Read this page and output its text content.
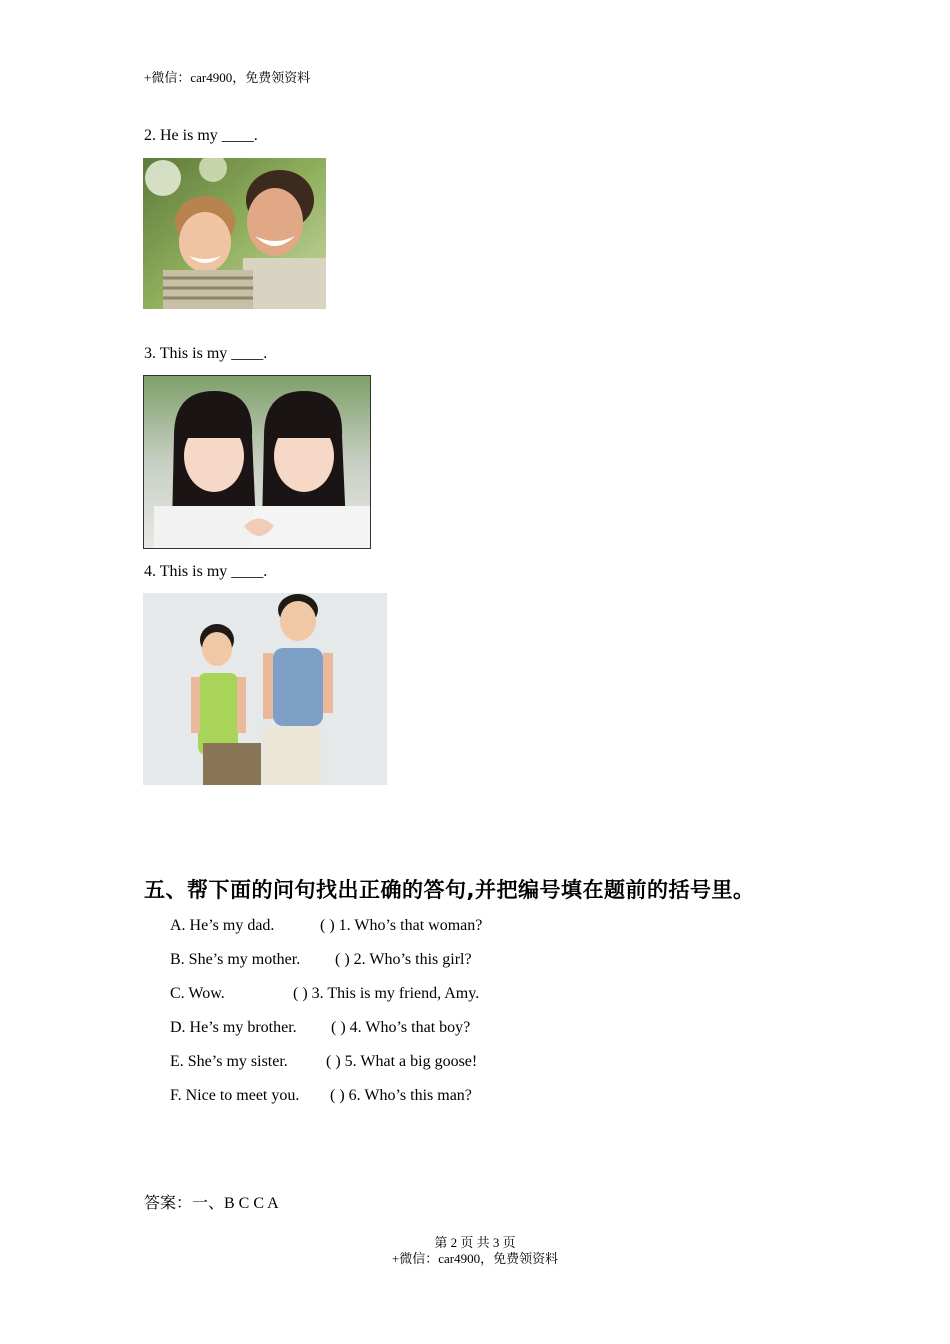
+微信：car4900，免费领资料
2. He is my ____.
3. This is my ____.
4. This is my ____.
五、帮下面的问句找出正确的答句,并把编号填在题前的括号里。
A. He’s my dad.	( ) 1. Who’s that woman?
B. She’s my mother. ( ) 2. Who’s this girl?
C. Wow.	( ) 3. This is my friend, Amy.
D. He’s my brother. ( ) 4. Who’s that boy?
E. She’s my sister. ( ) 5. What a big goose!
F. Nice to meet you. ( ) 6. Who’s this man?
答案：一、B C C A
第 2 页 共 3 页
+微信：car4900，免费领资料
